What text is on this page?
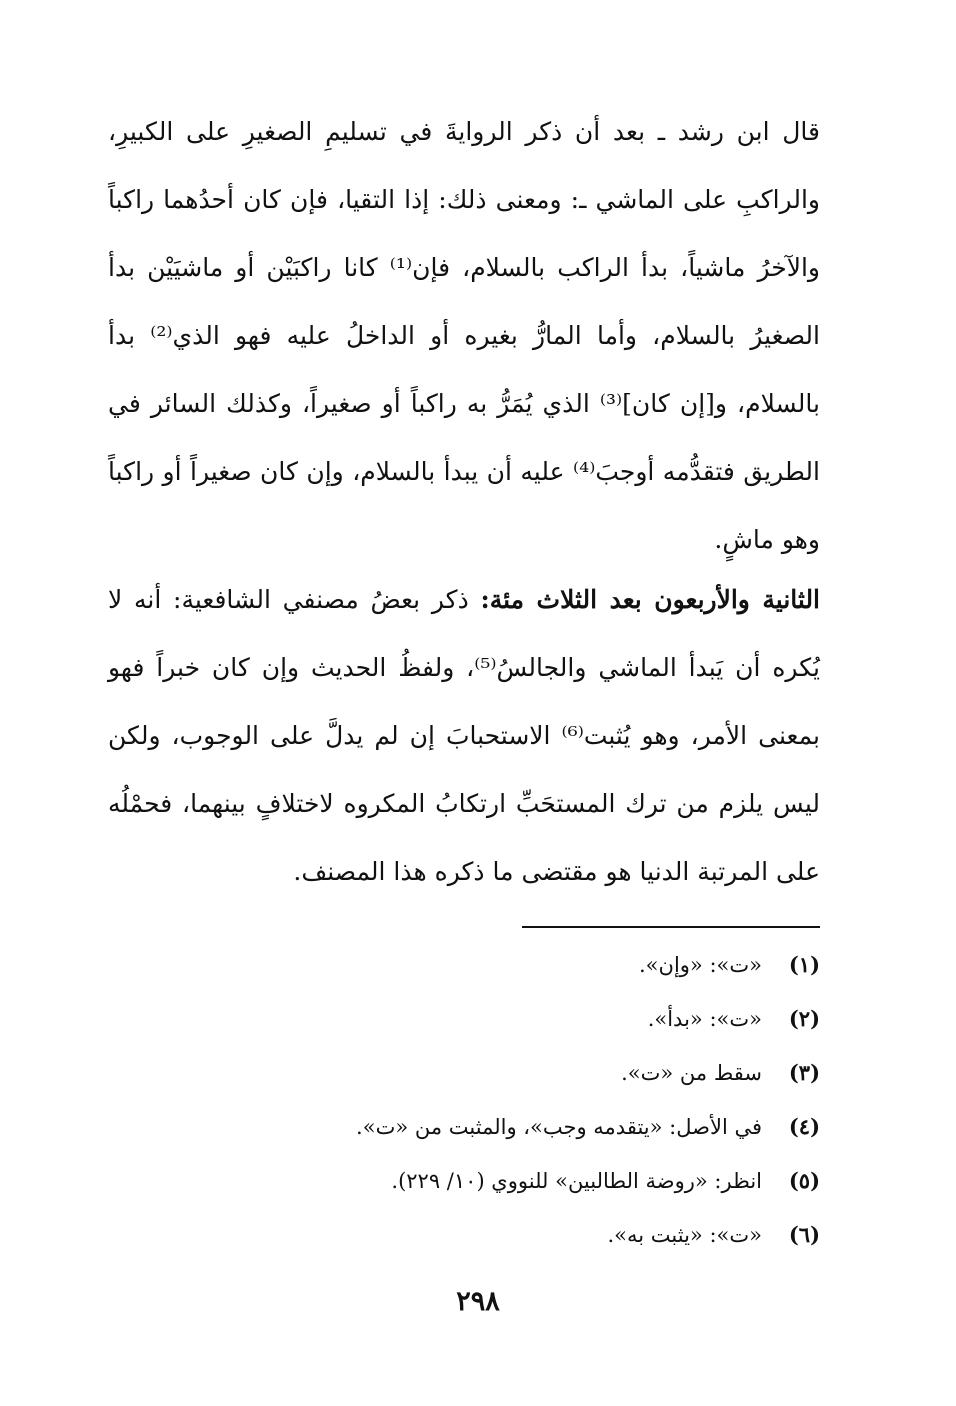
قال ابن رشد ـ بعد أن ذكر الروايةَ في تسليمِ الصغيرِ على الكبيرِ، والراكبِ على الماشي ـ: ومعنى ذلك: إذا التقيا، فإن كان أحدُهما راكباً والآخرُ ماشياً، بدأ الراكب بالسلام، فإن⁽¹⁾ كانا راكبَيْن أو ماشيَيْن بدأ الصغيرُ بالسلام، وأما المارُّ بغيره أو الداخلُ عليه فهو الذي⁽²⁾ بدأ بالسلام، و[إن كان]⁽³⁾ الذي يُمَرُّ به راكباً أو صغيراً، وكذلك السائر في الطريق فتقدُّمه أوجبَ⁽⁴⁾ عليه أن يبدأ بالسلام، وإن كان صغيراً أو راكباً وهو ماشٍ.

الثانية والأربعون بعد الثلاث مئة: ذكر بعضُ مصنفي الشافعية: أنه لا يُكره أن يَبدأ الماشي والجالسُ⁽⁵⁾، ولفظُ الحديث وإن كان خبراً فهو بمعنى الأمر، وهو يُثبت⁽⁶⁾ الاستحبابَ إن لم يدلَّ على الوجوب، ولكن ليس يلزم من ترك المستحَبِّ ارتكابُ المكروه لاختلافٍ بينهما، فحمْلُه على المرتبة الدنيا هو مقتضى ما ذكره هذا المصنف.

(١)
«ت»: «وإن».
(٢)
«ت»: «بدأ».
(٣)
سقط من «ت».
(٤)
في الأصل: «يتقدمه وجب»، والمثبت من «ت».
(٥)
انظر: «روضة الطالبين» للنووي (١٠/ ٢٢٩).
(٦)
«ت»: «يثبت به».
٢٩٨
